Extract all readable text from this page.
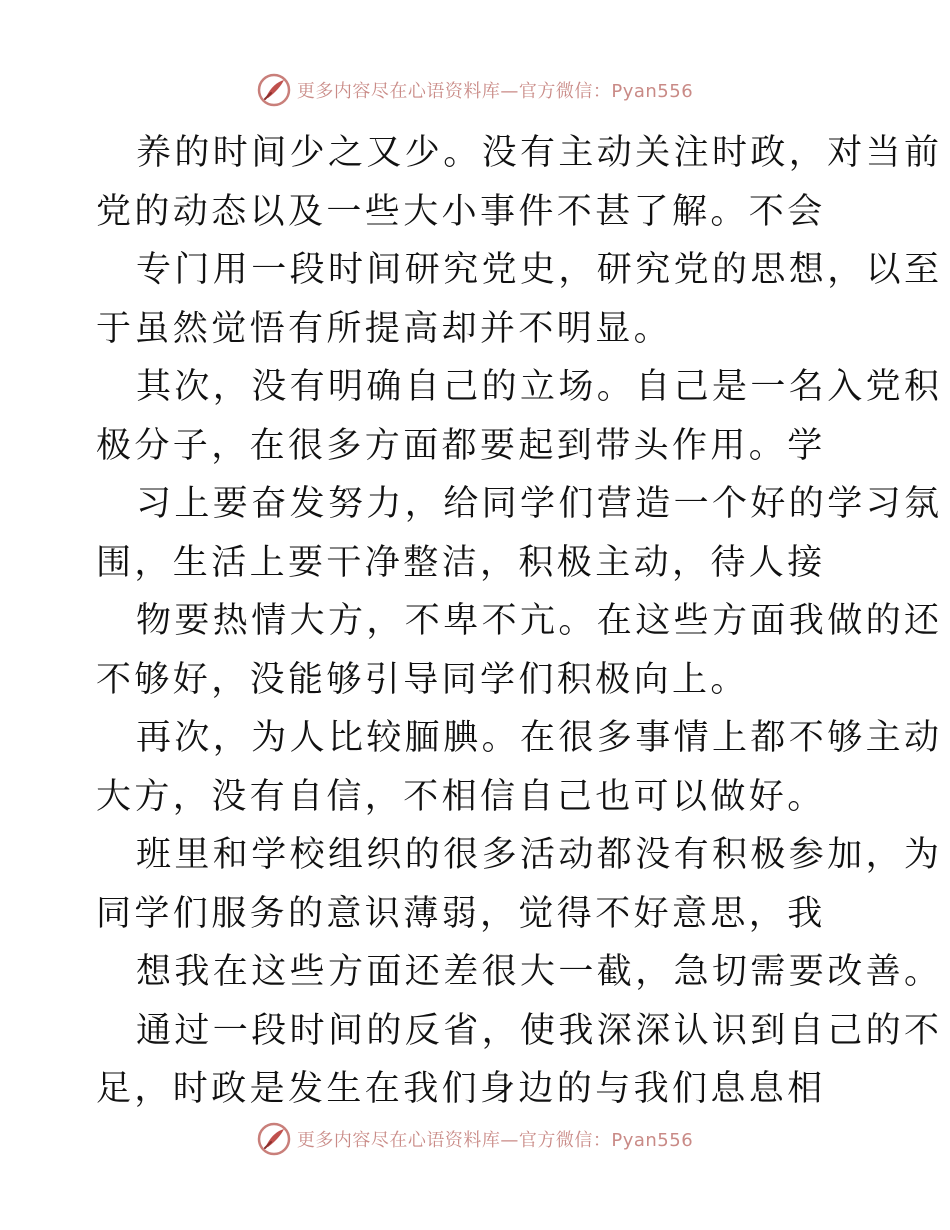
更多内容尽在心语资料库—官方微信：Pyan556
养的时间少之又少。没有主动关注时政，对当前
党的动态以及一些大小事件不甚了解。不会
专门用一段时间研究党史，研究党的思想，以至
于虽然觉悟有所提高却并不明显。
其次，没有明确自己的立场。自己是一名入党积
极分子，在很多方面都要起到带头作用。学
习上要奋发努力，给同学们营造一个好的学习氛
围，生活上要干净整洁，积极主动，待人接
物要热情大方，不卑不亢。在这些方面我做的还
不够好，没能够引导同学们积极向上。
再次，为人比较腼腆。在很多事情上都不够主动
大方，没有自信，不相信自己也可以做好。
班里和学校组织的很多活动都没有积极参加，为
同学们服务的意识薄弱，觉得不好意思，我
想我在这些方面还差很大一截，急切需要改善。
通过一段时间的反省，使我深深认识到自己的不
足，时政是发生在我们身边的与我们息息相
更多内容尽在心语资料库—官方微信：Pyan556
